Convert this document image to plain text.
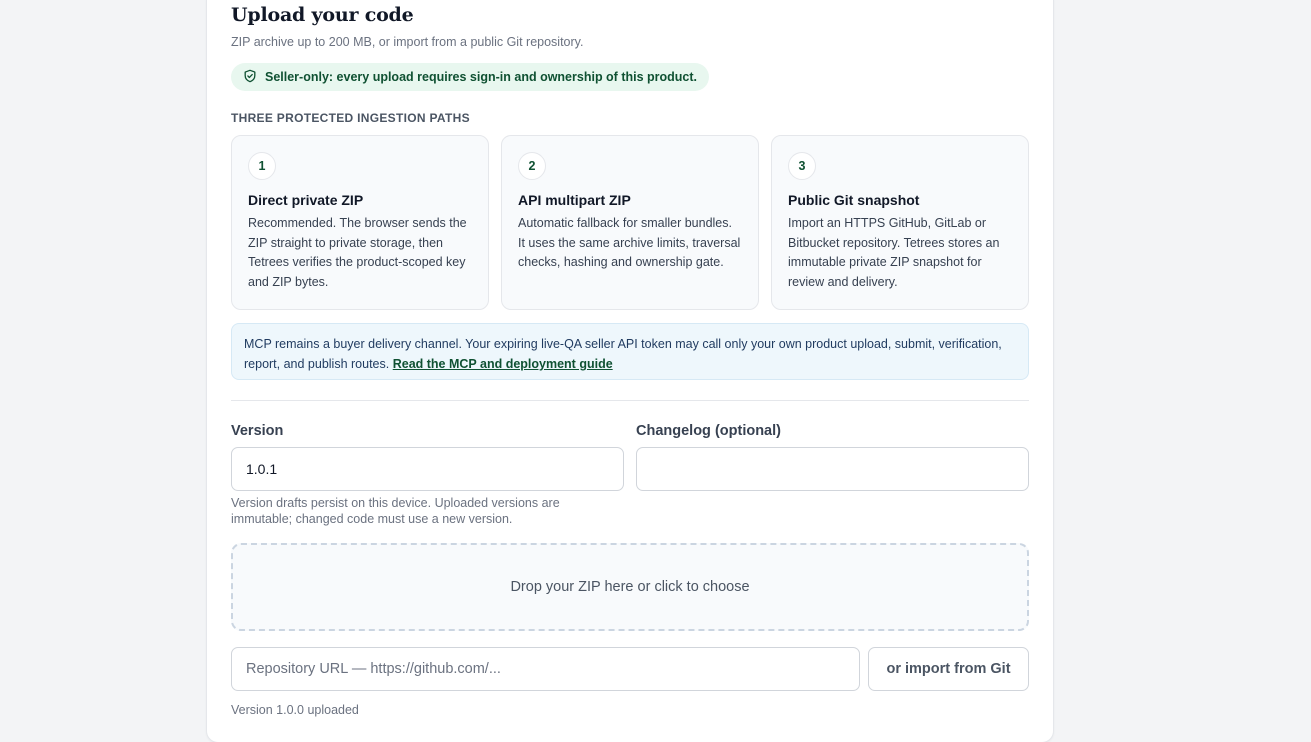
Upload your code
ZIP archive up to 200 MB, or import from a public Git repository.
Seller-only: every upload requires sign-in and ownership of this product.
THREE PROTECTED INGESTION PATHS
1
Direct private ZIP
Recommended. The browser sends the ZIP straight to private storage, then Tetrees verifies the product-scoped key and ZIP bytes.
2
API multipart ZIP
Automatic fallback for smaller bundles. It uses the same archive limits, traversal checks, hashing and ownership gate.
3
Public Git snapshot
Import an HTTPS GitHub, GitLab or Bitbucket repository. Tetrees stores an immutable private ZIP snapshot for review and delivery.
MCP remains a buyer delivery channel. Your expiring live-QA seller API token may call only your own product upload, submit, verification, report, and publish routes. Read the MCP and deployment guide
Version
1.0.1	Changelog (optional)
Version drafts persist on this device. Uploaded versions are immutable; changed code must use a new version.
Drop your ZIP here or click to choose
Repository URL — https://github.com/...
or import from Git
Version 1.0.0 uploaded
